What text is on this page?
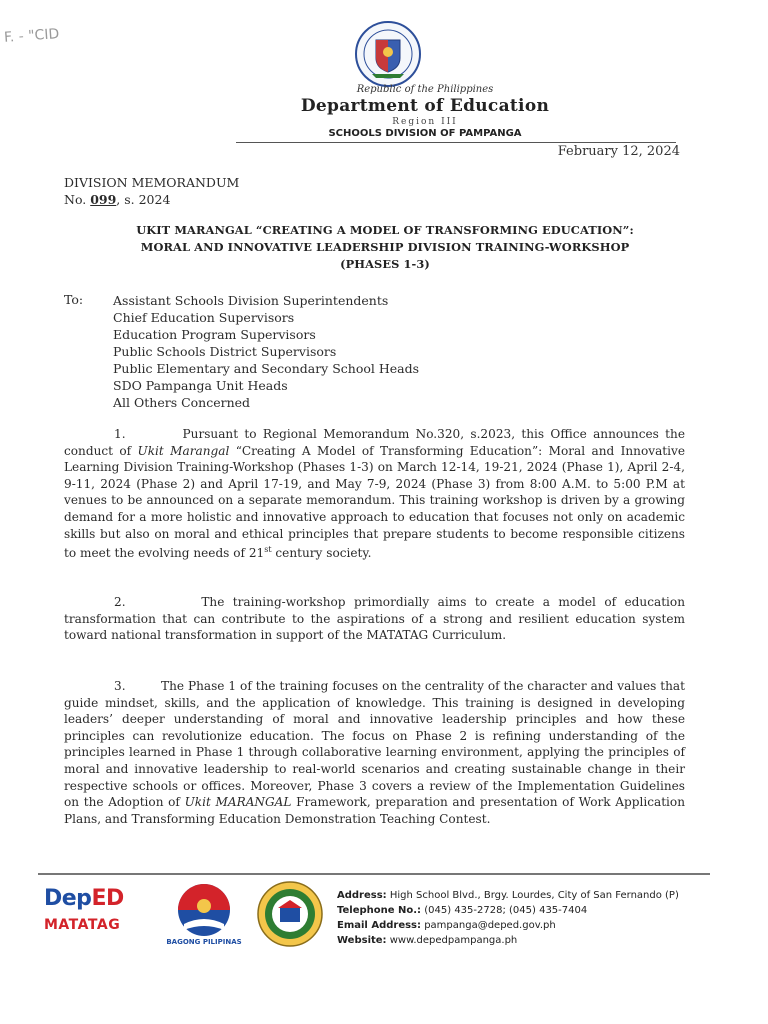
F. - "CID
Republic of the Philippines
Department of Education
Region III
SCHOOLS DIVISION OF PAMPANGA
February 12, 2024
DIVISION MEMORANDUM
No. 099, s. 2024
UKIT MARANGAL “CREATING A MODEL OF TRANSFORMING EDUCATION”:
MORAL AND INNOVATIVE LEADERSHIP DIVISION TRAINING-WORKSHOP
(PHASES 1-3)
To: Assistant Schools Division Superintendents
Chief Education Supervisors
Education Program Supervisors
Public Schools District Supervisors
Public Elementary and Secondary School Heads
SDO Pampanga Unit Heads
All Others Concerned

1.	Pursuant to Regional Memorandum No.320, s.2023, this Office announces the conduct of Ukit Marangal “Creating A Model of Transforming Education”: Moral and Innovative Learning Division Training-Workshop (Phases 1-3) on March 12-14, 19-21, 2024 (Phase 1), April 2-4, 9-11, 2024 (Phase 2) and April 17-19, and May 7-9, 2024 (Phase 3) from 8:00 A.M. to 5:00 P.M at venues to be announced on a separate memorandum. This training workshop is driven by a growing demand for a more holistic and innovative approach to education that focuses not only on academic skills but also on moral and ethical principles that prepare students to become responsible citizens to meet the evolving needs of 21st century society.

2.	The training-workshop primordially aims to create a model of education transformation that can contribute to the aspirations of a strong and resilient education system toward national transformation in support of the MATATAG Curriculum.

3.	The Phase 1 of the training focuses on the centrality of the character and values that guide mindset, skills, and the application of knowledge. This training is designed in developing leaders’ deeper understanding of moral and innovative leadership principles and how these principles can revolutionize education. The focus on Phase 2 is refining understanding of the principles learned in Phase 1 through collaborative learning environment, applying the principles of moral and innovative leadership to real-world scenarios and creating sustainable change in their respective schools or offices. Moreover, Phase 3 covers a review of the Implementation Guidelines on the Adoption of Ukit MARANGAL Framework, preparation and presentation of Work Application Plans, and Transforming Education Demonstration Teaching Contest.

DepED
MATATAG
BAGONG PILIPINAS
Address: High School Blvd., Brgy. Lourdes, City of San Fernando (P)
Telephone No.: (045) 435-2728; (045) 435-7404
Email Address: pampanga@deped.gov.ph
Website: www.depedpampanga.ph
